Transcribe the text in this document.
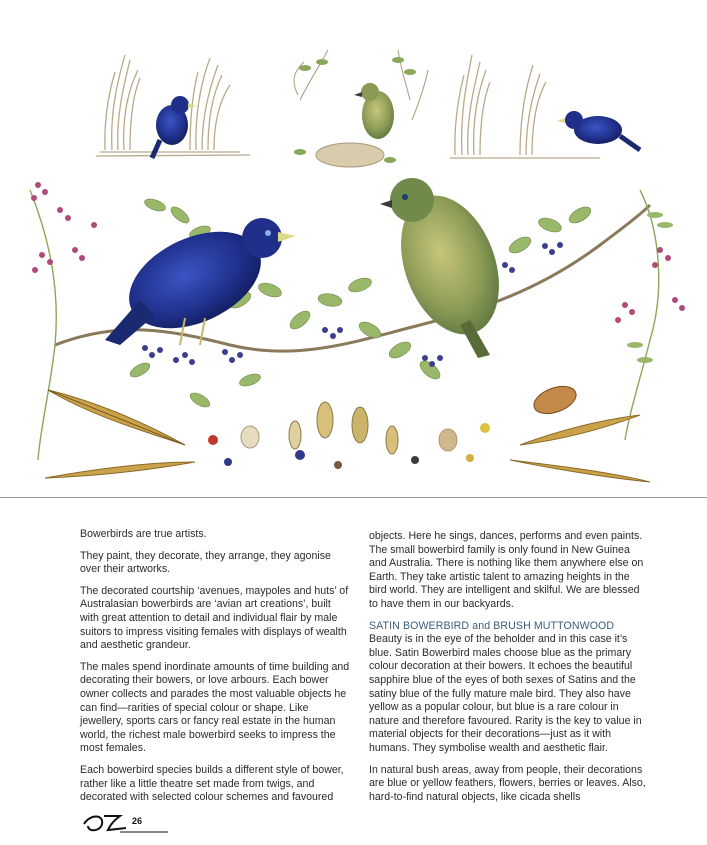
Bowerbirds are true artists.

They paint, they decorate, they arrange, they agonise over their artworks.

The decorated courtship ‘avenues, maypoles and huts’ of Australasian bowerbirds are ‘avian art creations’, built with great attention to detail and individual flair by male suitors to impress visiting females with displays of wealth and aesthetic grandeur.

The males spend inordinate amounts of time building and decorating their bowers, or love arbours. Each bower owner collects and parades the most valuable objects he can find—rarities of special colour or shape. Like jewellery, sports cars or fancy real estate in the human world, the richest male bowerbird seeks to impress the most females.

Each bowerbird species builds a different style of bower, rather like a little theatre set made from twigs, and decorated with selected colour schemes and favoured

objects. Here he sings, dances, performs and even paints. The small bowerbird family is only found in New Guinea and Australia. There is nothing like them anywhere else on Earth. They take artistic talent to amazing heights in the bird world. They are intelligent and skilful. We are blessed to have them in our backyards.

SATIN BOWERBIRD and BRUSH MUTTONWOOD

Beauty is in the eye of the beholder and in this case it’s blue. Satin Bowerbird males choose blue as the primary colour decoration at their bowers. It echoes the beautiful sapphire blue of the eyes of both sexes of Satins and the satiny blue of the fully mature male bird. They also have yellow as a popular colour, but blue is a rare colour in nature and therefore favoured. Rarity is the key to value in material objects for their decorations—just as it with humans. They symbolise wealth and aesthetic flair.

In natural bush areas, away from people, their decorations are blue or yellow feathers, flowers, berries or leaves. Also, hard-to-find natural objects, like cicada shells

26
